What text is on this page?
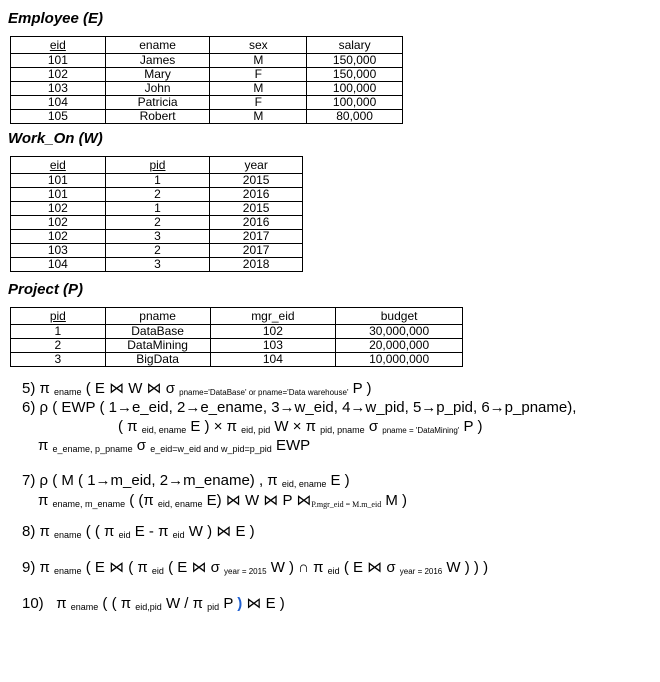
Employee (E)
eid	ename	sex	salary
101	James	M	150,000
102	Mary	F	150,000
103	John	M	100,000
104	Patricia	F	100,000
105	Robert	M	80,000
Work_On (W)
eid	pid	year
101	1	2015
101	2	2016
102	1	2015
102	2	2016
102	3	2017
103	2	2017
104	3	2018
Project (P)
pid	pname	mgr_eid	budget
1	DataBase	102	30,000,000
2	DataMining	103	20,000,000
3	BigData	104	10,000,000
5) π ename ( E ⋈ W ⋈ σ pname='DataBase' or pname='Data warehouse' P )
6) ρ ( EWP ( 1→e_eid, 2→e_ename, 3→w_eid, 4→w_pid, 5→p_pid, 6→p_pname),
( π eid, ename E ) × π eid, pid W × π pid, pname σ pname = 'DataMining' P )
π e_ename, p_pname σ e_eid=w_eid and w_pid=p_pid EWP
7) ρ ( M ( 1→m_eid, 2→m_ename) , π eid, ename E )
π ename, m_ename ( (π eid, ename E) ⋈ W ⋈ P ⋈P.mgr_eid = M.m_eid M )
8) π ename ( ( π eid E - π eid W ) ⋈ E )
9) π ename ( E ⋈ ( π eid ( E ⋈ σ year = 2015 W ) ∩ π eid ( E ⋈ σ year = 2016 W ) ) )
10)   π ename ( ( π eid,pid W / π pid P ) ⋈ E )
